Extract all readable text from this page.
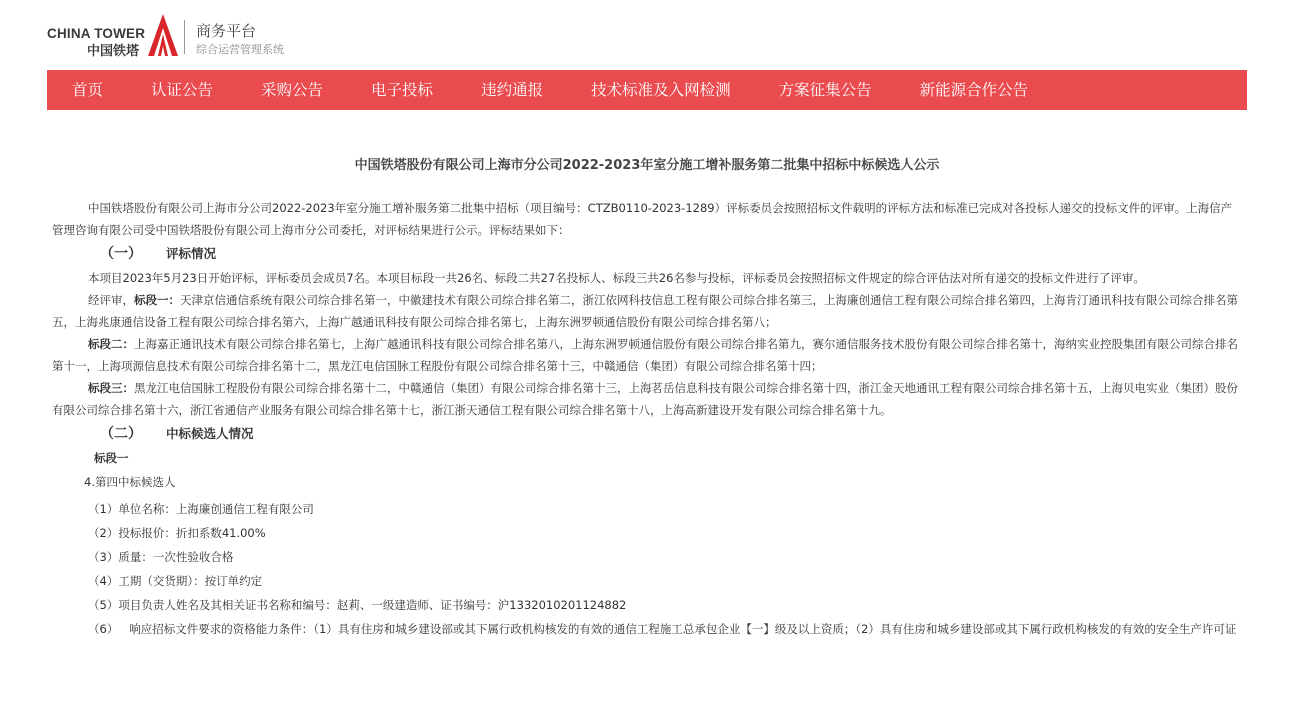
CHINA TOWER
中国铁塔
商务平台
综合运营管理系统
首页	认证公告	采购公告	电子投标	违约通报	技术标准及入网检测	方案征集公告	新能源合作公告
中国铁塔股份有限公司上海市分公司2022-2023年室分施工增补服务第二批集中招标中标候选人公示

中国铁塔股份有限公司上海市分公司2022-2023年室分施工增补服务第二批集中招标（项目编号：CTZB0110-2023-1289）评标委员会按照招标文件载明的评标方法和标准已完成对各投标人递交的投标文件的评审。上海信产管理咨询有限公司受中国铁塔股份有限公司上海市分公司委托，对评标结果进行公示。评标结果如下：

（一） 评标情况

本项目2023年5月23日开始评标，评标委员会成员7名。本项目标段一共26名、标段二共27名投标人、标段三共26名参与投标，评标委员会按照招标文件规定的综合评估法对所有递交的投标文件进行了评审。

经评审，标段一：天津京信通信系统有限公司综合排名第一，中徽建技术有限公司综合排名第二，浙江依网科技信息工程有限公司综合排名第三，上海廉创通信工程有限公司综合排名第四，上海肯汀通讯科技有限公司综合排名第五，上海兆康通信设备工程有限公司综合排名第六，上海广越通讯科技有限公司综合排名第七，上海东洲罗顿通信股份有限公司综合排名第八；

标段二：上海嘉正通讯技术有限公司综合排名第七，上海广越通讯科技有限公司综合排名第八，上海东洲罗顿通信股份有限公司综合排名第九，赛尔通信服务技术股份有限公司综合排名第十，海纳实业控股集团有限公司综合排名第十一，上海项源信息技术有限公司综合排名第十二，黑龙江电信国脉工程股份有限公司综合排名第十三，中赣通信（集团）有限公司综合排名第十四；

标段三：黑龙江电信国脉工程股份有限公司综合排名第十二，中赣通信（集团）有限公司综合排名第十三，上海茗岳信息科技有限公司综合排名第十四，浙江金天地通讯工程有限公司综合排名第十五，上海贝电实业（集团）股份有限公司综合排名第十六，浙江省通信产业服务有限公司综合排名第十七，浙江浙天通信工程有限公司综合排名第十八，上海高新建设开发有限公司综合排名第十九。

（二） 中标候选人情况
标段一
4.第四中标候选人
（1）单位名称：上海廉创通信工程有限公司
（2）投标报价：折扣系数41.00%
（3）质量：一次性验收合格
（4）工期（交货期）：按订单约定
（5）项目负责人姓名及其相关证书名称和编号：赵莉、一级建造师、证书编号：沪1332010201124882

（6） 响应招标文件要求的资格能力条件：（1）具有住房和城乡建设部或其下属行政机构核发的有效的通信工程施工总承包企业【一】级及以上资质；（2）具有住房和城乡建设部或其下属行政机构核发的有效的安全生产许可证
